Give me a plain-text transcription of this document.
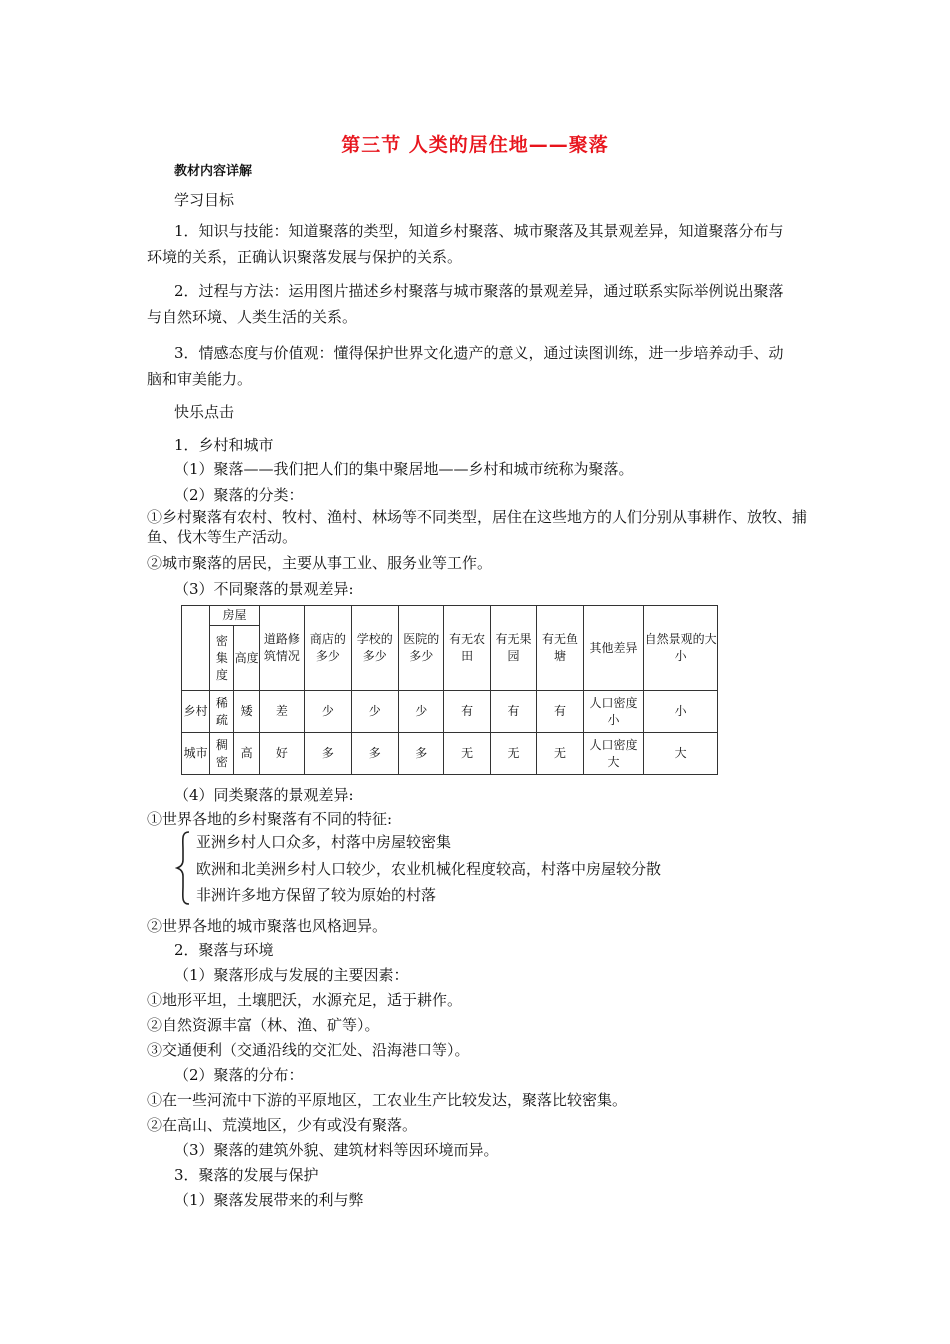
第三节 人类的居住地——聚落
教材内容详解
学习目标
1．知识与技能：知道聚落的类型，知道乡村聚落、城市聚落及其景观差异，知道聚落分布与环境的关系，正确认识聚落发展与保护的关系。
2．过程与方法：运用图片描述乡村聚落与城市聚落的景观差异，通过联系实际举例说出聚落与自然环境、人类生活的关系。
3．情感态度与价值观：懂得保护世界文化遗产的意义，通过读图训练，进一步培养动手、动脑和审美能力。
快乐点击
1．乡村和城市
（1）聚落——我们把人们的集中聚居地——乡村和城市统称为聚落。
（2）聚落的分类：
①乡村聚落有农村、牧村、渔村、林场等不同类型，居住在这些地方的人们分别从事耕作、放牧、捕鱼、伐木等生产活动。
②城市聚落的居民，主要从事工业、服务业等工作。
（3）不同聚落的景观差异:
	房屋		道路修筑情况	商店的多少	学校的多少	医院的多少	有无农田	有无果园	有无鱼塘	其他差异	自然景观的大小
	密集度	高度									
乡村	稀疏	矮	差	少	少	少	有	有	有	人口密度小	小
城市	稠密	高	好	多	多	多	无	无	无	人口密度大	大
（4）同类聚落的景观差异:
①世界各地的乡村聚落有不同的特征:
亚洲乡村人口众多，村落中房屋较密集
欧洲和北美洲乡村人口较少，农业机械化程度较高，村落中房屋较分散
非洲许多地方保留了较为原始的村落
②世界各地的城市聚落也风格迥异。
2．聚落与环境
（1）聚落形成与发展的主要因素：
①地形平坦，土壤肥沃，水源充足，适于耕作。
②自然资源丰富（林、渔、矿等）。
③交通便利（交通沿线的交汇处、沿海港口等）。
（2）聚落的分布：
①在一些河流中下游的平原地区，工农业生产比较发达，聚落比较密集。
②在高山、荒漠地区，少有或没有聚落。
（3）聚落的建筑外貌、建筑材料等因环境而异。
3．聚落的发展与保护
（1）聚落发展带来的利与弊
